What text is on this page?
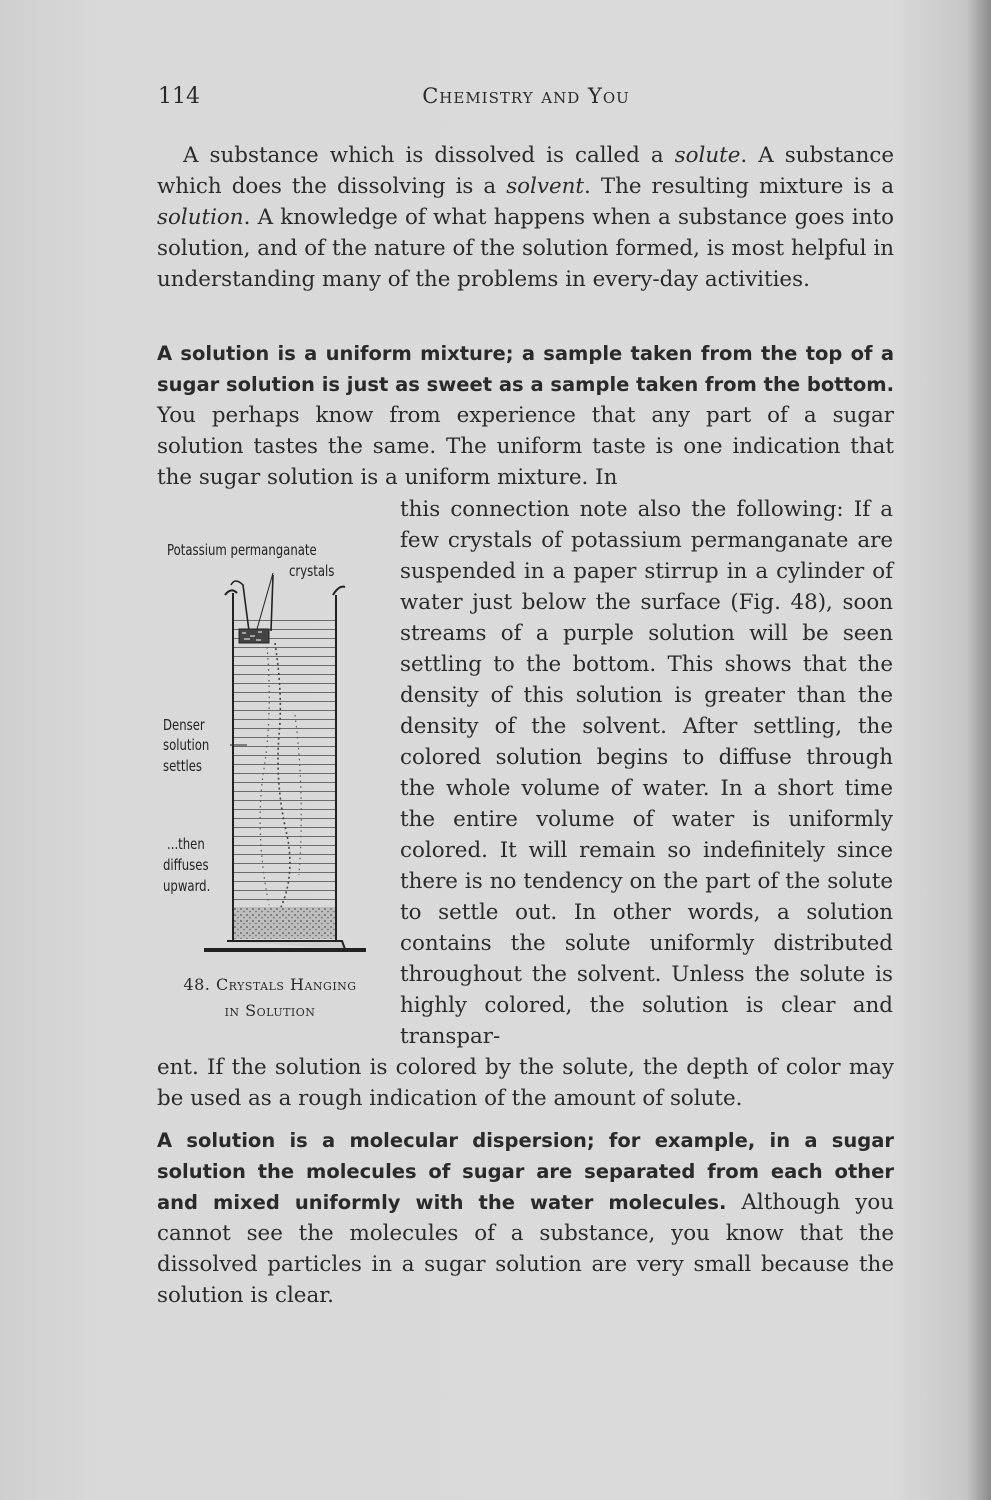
114	Chemistry and You

A substance which is dissolved is called a solute. A substance which does the dissolving is a solvent. The resulting mixture is a solution. A knowledge of what happens when a substance goes into solution, and of the nature of the solution formed, is most helpful in understanding many of the problems in every-day activities.

A solution is a uniform mixture; a sample taken from the top of a sugar solution is just as sweet as a sample taken from the bottom. You perhaps know from experience that any part of a sugar solution tastes the same. The uniform taste is one indication that the sugar solution is a uniform mixture. In

this connection note also the following: If a few crystals of potassium permanganate are suspended in a paper stirrup in a cylinder of water just below the surface (Fig. 48), soon streams of a purple solution will be seen settling to the bottom. This shows that the density of this solution is greater than the density of the solvent. After settling, the colored solution begins to diffuse through the whole volume of water. In a short time the entire volume of water is uniformly colored. It will remain so indefinitely since there is no tendency on the part of the solute to settle out. In other words, a solution contains the solute uniformly distributed throughout the solvent. Unless the solute is highly colored, the solution is clear and transpar-

ent. If the solution is colored by the solute, the depth of color may be used as a rough indication of the amount of solute.

A solution is a molecular dispersion; for example, in a sugar solution the molecules of sugar are separated from each other and mixed uniformly with the water molecules. Although you cannot see the molecules of a substance, you know that the dissolved particles in a sugar solution are very small because the solution is clear.

Potassium permanganate
crystals
Denser
solution
settles
...then
diffuses
upward.
48. Crystals Hanging
in Solution
